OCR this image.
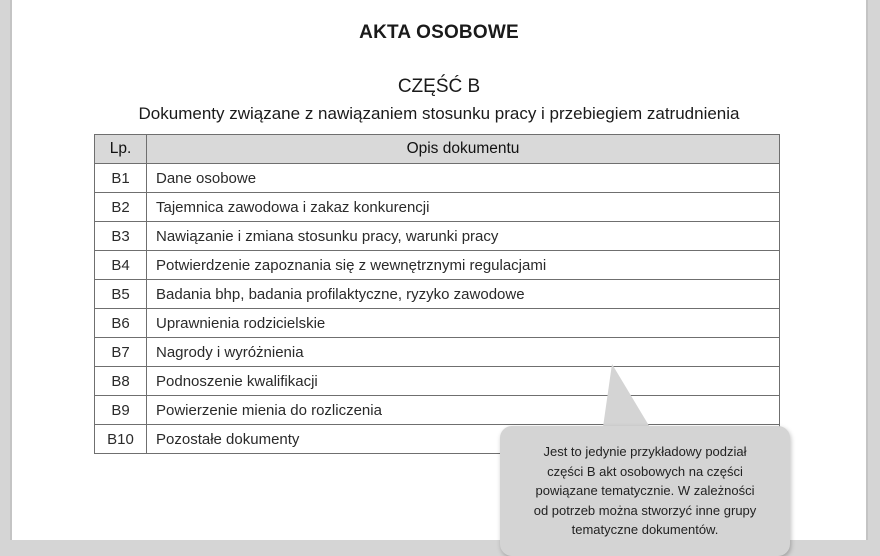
AKTA OSOBOWE
CZĘŚĆ B
Dokumenty związane z nawiązaniem stosunku pracy i przebiegiem zatrudnienia
Lp.	Opis dokumentu
B1	Dane osobowe
B2	Tajemnica zawodowa i zakaz konkurencji
B3	Nawiązanie i zmiana stosunku pracy, warunki pracy
B4	Potwierdzenie zapoznania się z wewnętrznymi regulacjami
B5	Badania bhp, badania profilaktyczne, ryzyko zawodowe
B6	Uprawnienia rodzicielskie
B7	Nagrody i wyróżnienia
B8	Podnoszenie kwalifikacji
B9	Powierzenie mienia do rozliczenia
B10	Pozostałe dokumenty
Jest to jedynie przykładowy podział
części B akt osobowych na części
powiązane tematycznie. W zależności
od potrzeb można stworzyć inne grupy
tematyczne dokumentów.
